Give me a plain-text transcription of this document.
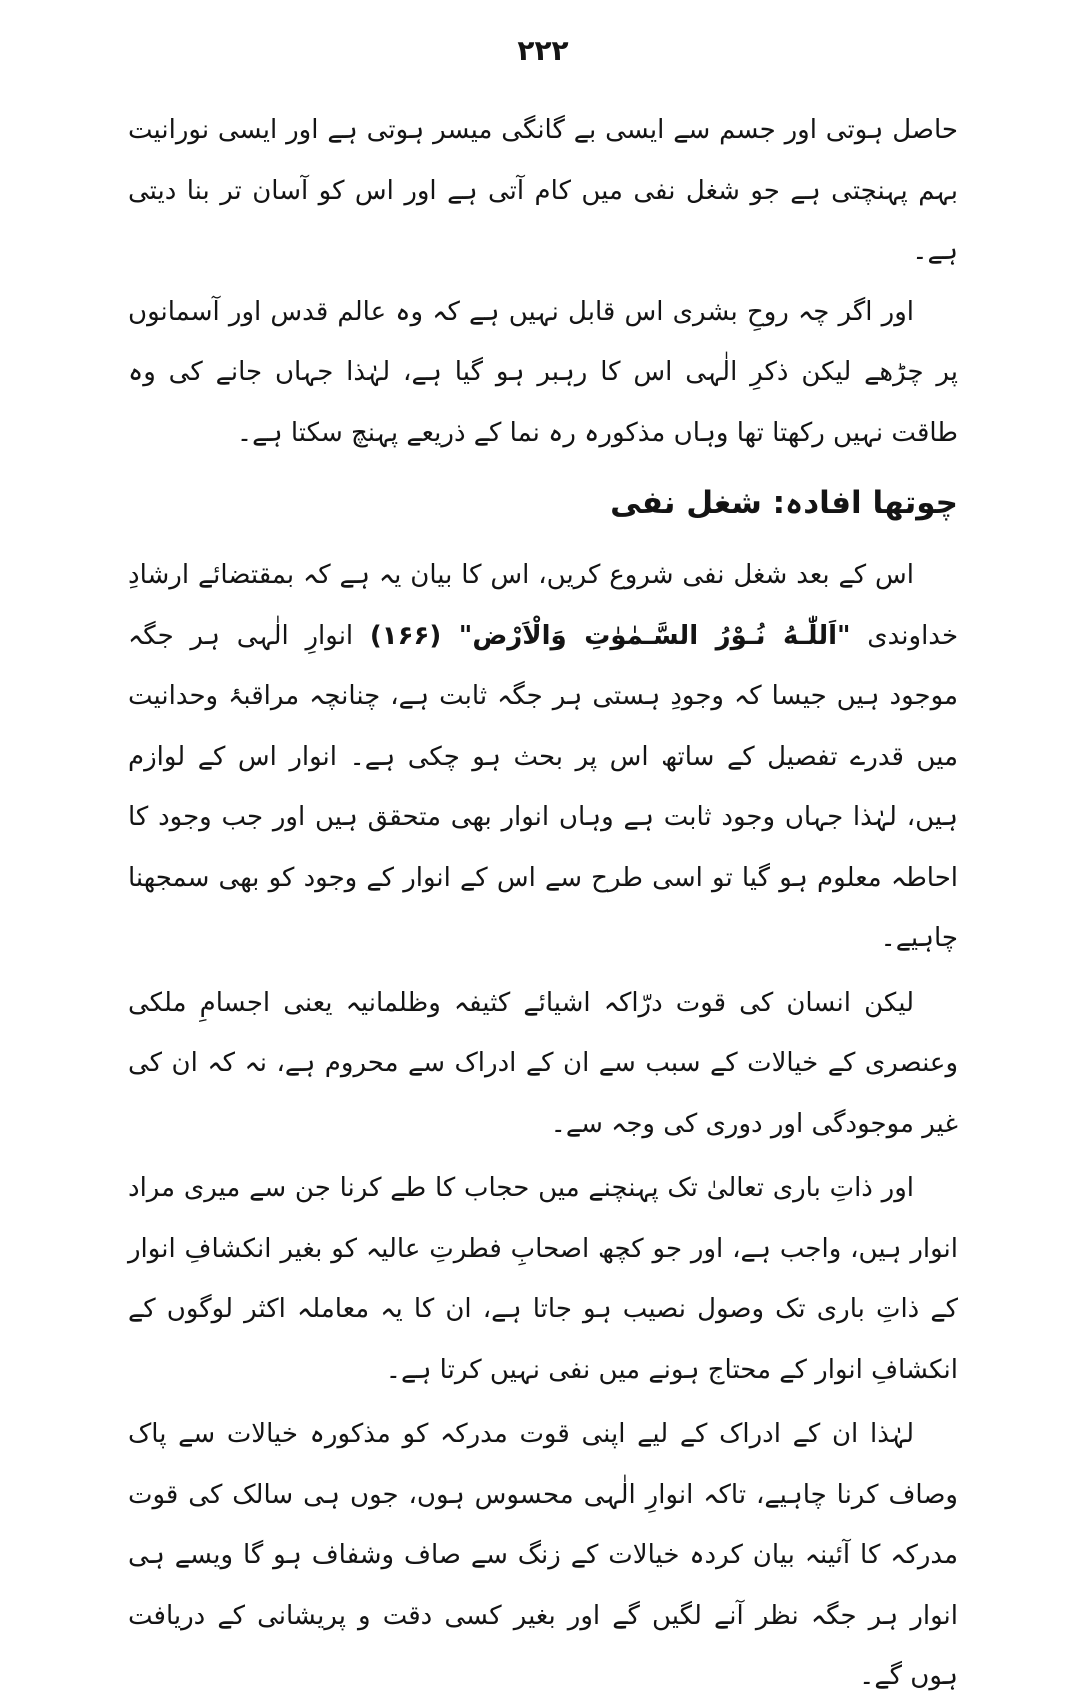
۲۲۲

حاصل ہوتی اور جسم سے ایسی بے گانگی میسر ہوتی ہے اور ایسی نورانیت بہم پہنچتی ہے جو شغل نفی میں کام آتی ہے اور اس کو آسان تر بنا دیتی ہے۔

اور اگر چہ روحِ بشری اس قابل نہیں ہے کہ وہ عالم قدس اور آسمانوں پر چڑھے لیکن ذکرِ الٰہی اس کا رہبر ہو گیا ہے، لہٰذا جہاں جانے کی وہ طاقت نہیں رکھتا تھا وہاں مذکورہ رہ نما کے ذریعے پہنچ سکتا ہے۔

چوتھا افادہ: شغل نفی

اس کے بعد شغل نفی شروع کریں، اس کا بیان یہ ہے کہ بمقتضائے ارشادِ خداوندی "اَللّٰـهُ نُـوْرُ السَّـمٰوٰتِ وَالْاَرْض" (۱۶۶) انوارِ الٰہی ہر جگہ موجود ہیں جیسا کہ وجودِ ہستی ہر جگہ ثابت ہے، چنانچہ مراقبۂ وحدانیت میں قدرے تفصیل کے ساتھ اس پر بحث ہو چکی ہے۔ انوار اس کے لوازم ہیں، لہٰذا جہاں وجود ثابت ہے وہاں انوار بھی متحقق ہیں اور جب وجود کا احاطہ معلوم ہو گیا تو اسی طرح سے اس کے انوار کے وجود کو بھی سمجھنا چاہیے۔

لیکن انسان کی قوت درّاکہ اشیائے کثیفہ وظلمانیہ یعنی اجسامِ ملکی وعنصری کے خیالات کے سبب سے ان کے ادراک سے محروم ہے، نہ کہ ان کی غیر موجودگی اور دوری کی وجہ سے۔

اور ذاتِ باری تعالیٰ تک پہنچنے میں حجاب کا طے کرنا جن سے میری مراد انوار ہیں، واجب ہے، اور جو کچھ اصحابِ فطرتِ عالیہ کو بغیر انکشافِ انوار کے ذاتِ باری تک وصول نصیب ہو جاتا ہے، ان کا یہ معاملہ اکثر لوگوں کے انکشافِ انوار کے محتاج ہونے میں نفی نہیں کرتا ہے۔

لہٰذا ان کے ادراک کے لیے اپنی قوت مدرکہ کو مذکورہ خیالات سے پاک وصاف کرنا چاہیے، تاکہ انوارِ الٰہی محسوس ہوں، جوں ہی سالک کی قوت مدرکہ کا آئینہ بیان کردہ خیالات کے زنگ سے صاف وشفاف ہو گا ویسے ہی انوار ہر جگہ نظر آنے لگیں گے اور بغیر کسی دقت و پریشانی کے دریافت ہوں گے۔
